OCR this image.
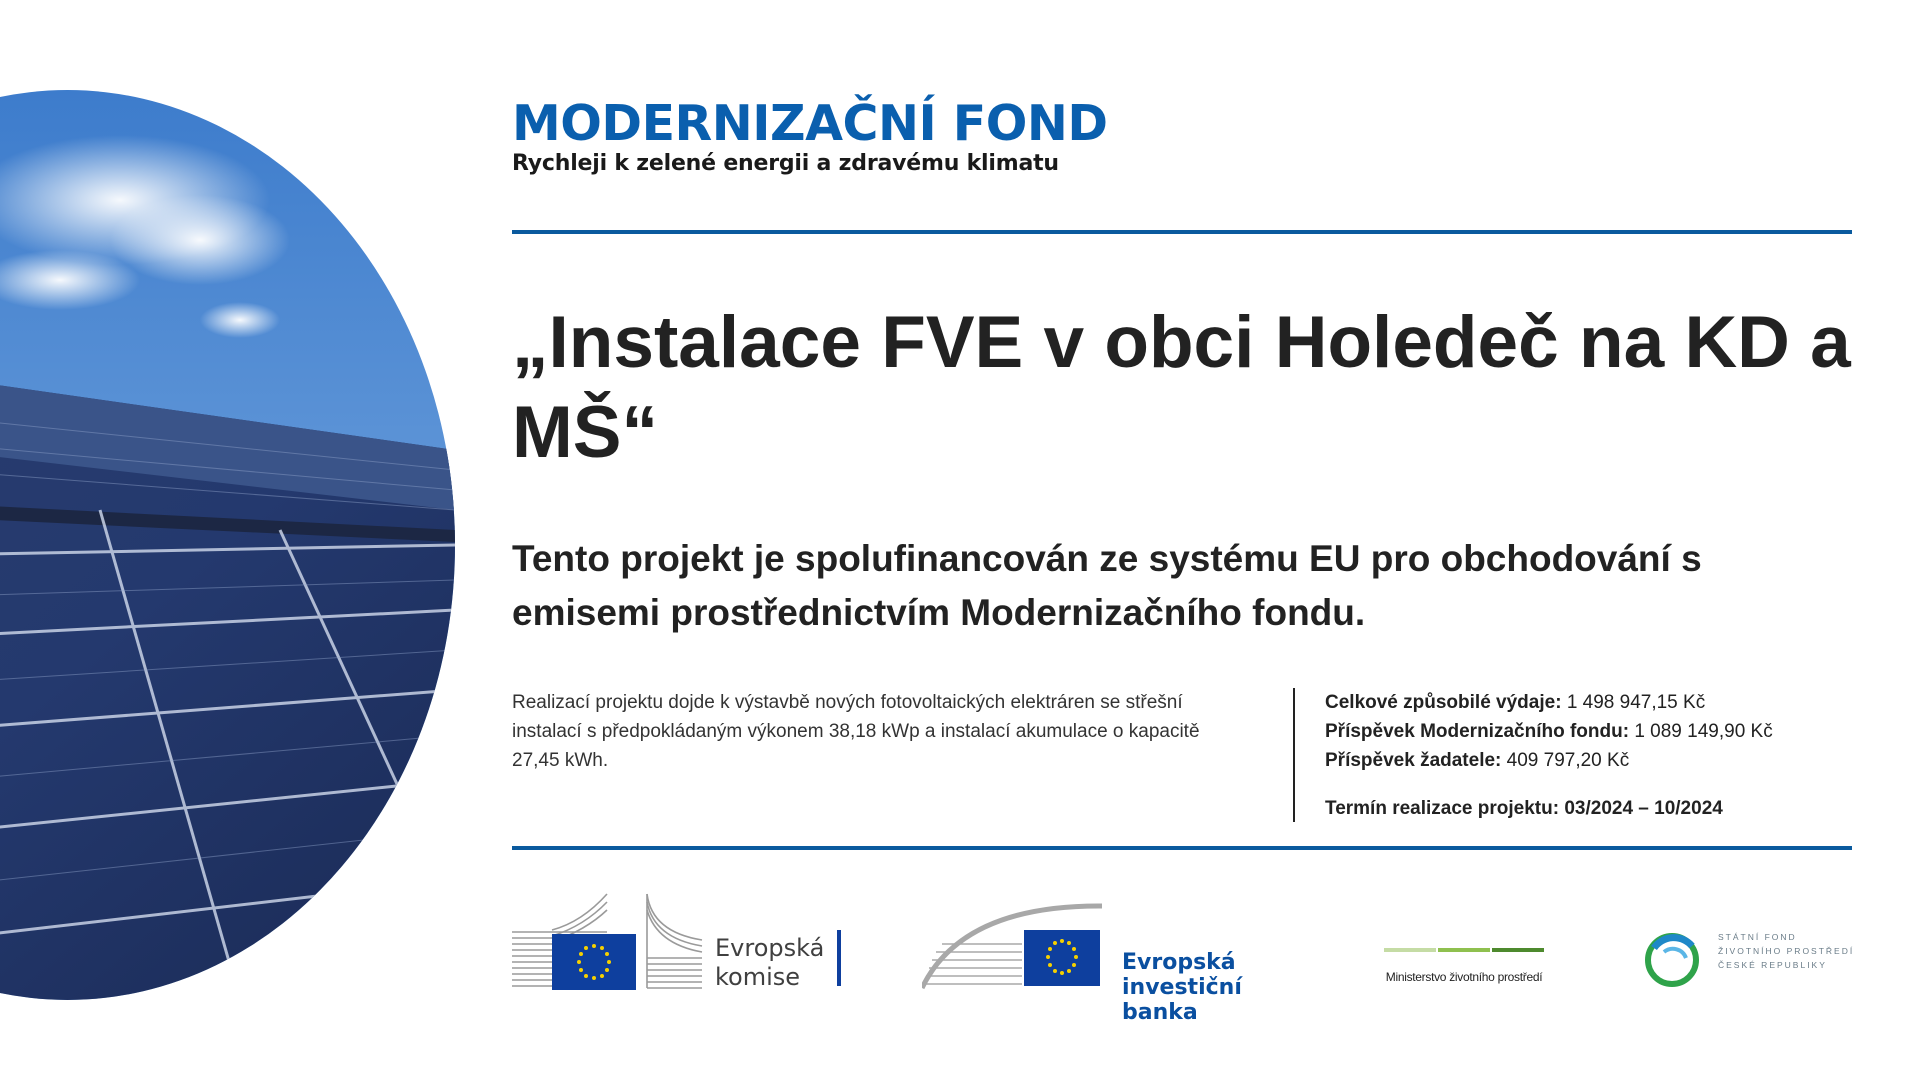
MODERNIZAČNÍ FOND
Rychleji k zelené energii a zdravému klimatu
„Instalace FVE v obci Holedeč na KD a MŠ“

Tento projekt je spolufinancován ze systému EU pro obchodování s emisemi prostřednictvím Modernizačního fondu.

Realizací projektu dojde k výstavbě nových fotovoltaických elektráren se střešní instalací s předpokládaným výkonem 38,18 kWp a instalací akumulace o kapacitě 27,45 kWh.

Celkové způsobilé výdaje: 1 498 947,15 Kč
Příspěvek Modernizačního fondu: 1 089 149,90 Kč
Příspěvek žadatele: 409 797,20 Kč
Termín realizace projektu: 03/2024 – 10/2024
Evropská
komise
Evropská
investiční banka
Ministerstvo životního prostředí
STÁTNÍ FOND
ŽIVOTNÍHO PROSTŘEDÍ
ČESKÉ REPUBLIKY
